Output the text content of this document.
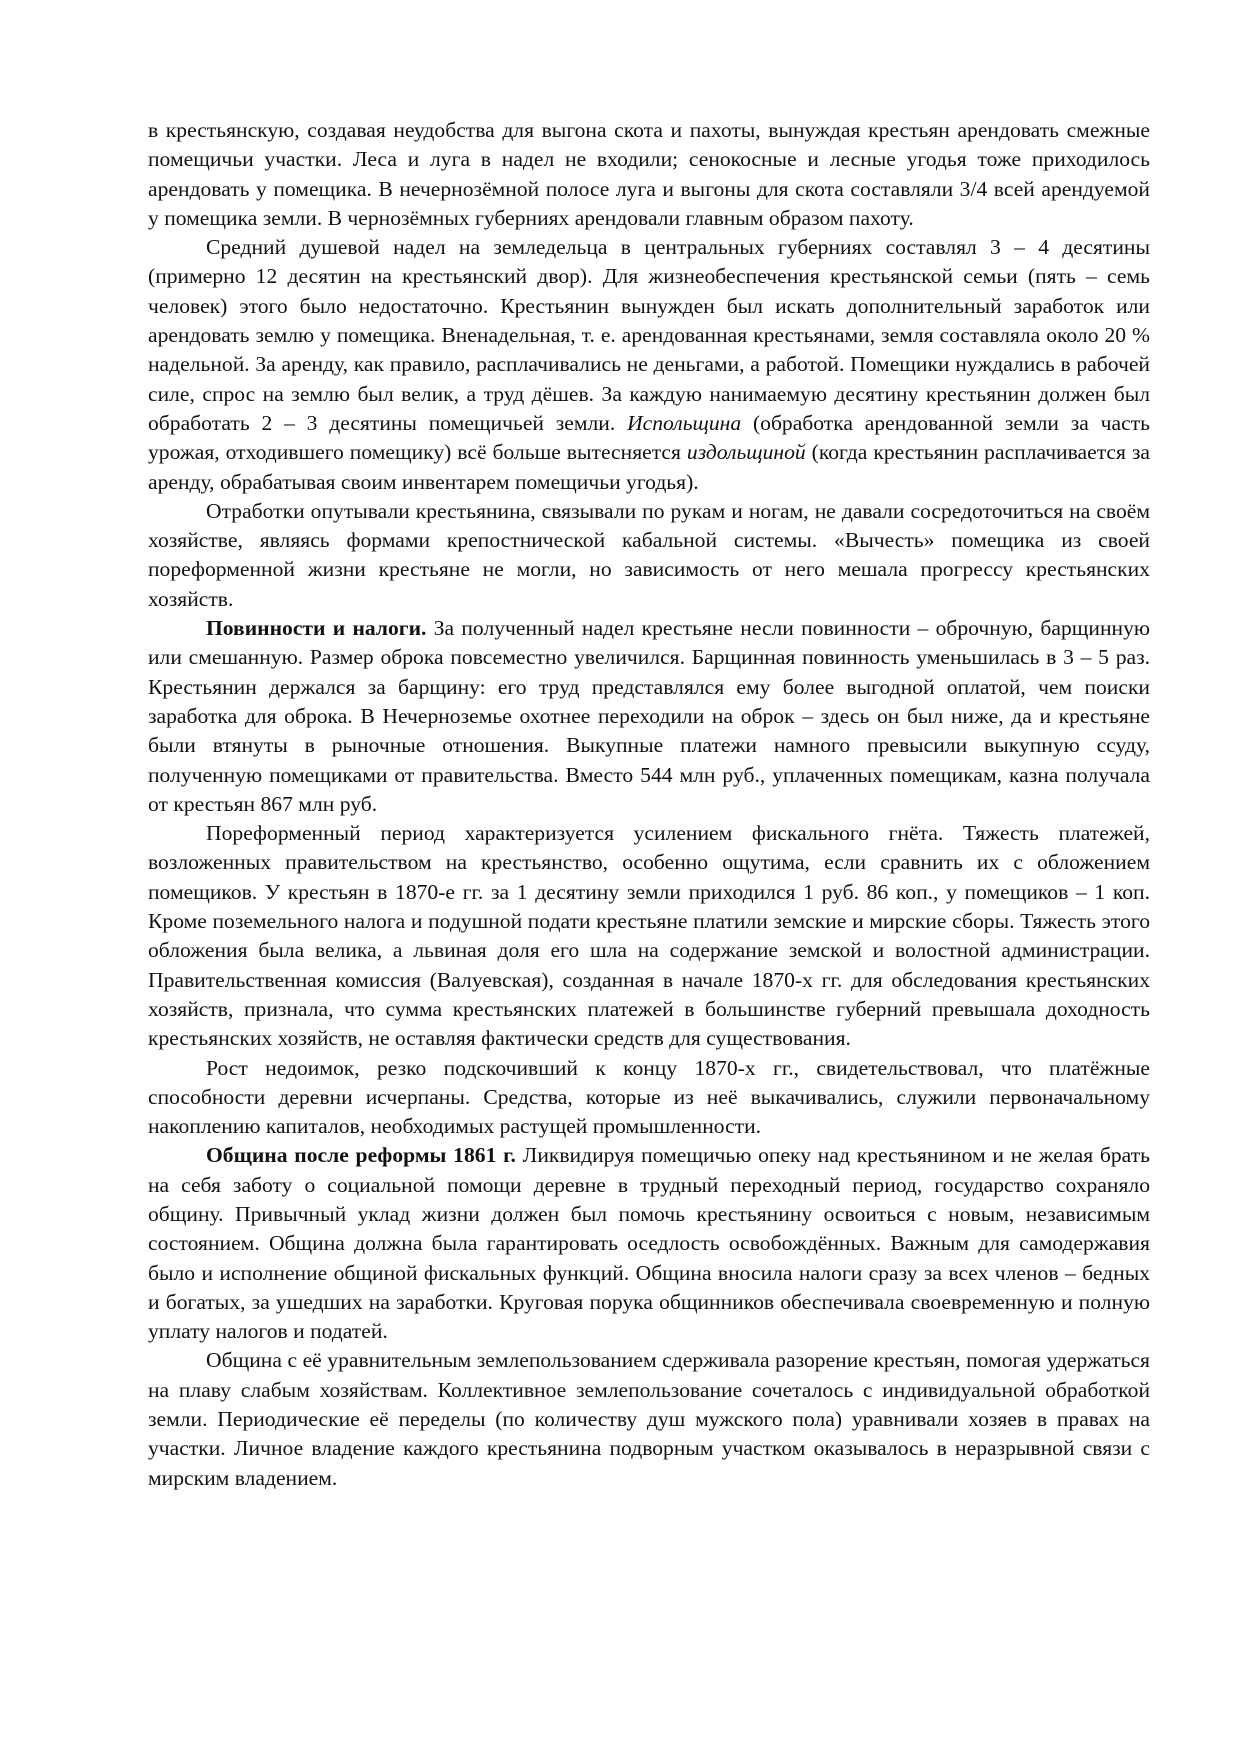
в крестьянскую, создавая неудобства для выгона скота и пахоты, вынуждая крестьян арендовать смежные помещичьи участки. Леса и луга в надел не входили; сенокосные и лесные угодья тоже приходилось арендовать у помещика. В нечернозёмной полосе луга и выгоны для скота составляли 3/4 всей арендуемой у помещика земли. В чернозёмных губерниях арендовали главным образом пахоту.

Средний душевой надел на земледельца в центральных губерниях составлял 3 – 4 десятины (примерно 12 десятин на крестьянский двор). Для жизнеобеспечения крестьянской семьи (пять – семь человек) этого было недостаточно. Крестьянин вынужден был искать дополнительный заработок или арендовать землю у помещика. Вненадельная, т. е. арендованная крестьянами, земля составляла около 20 % надельной. За аренду, как правило, расплачивались не деньгами, а работой. Помещики нуждались в рабочей силе, спрос на землю был велик, а труд дёшев. За каждую нанимаемую десятину крестьянин должен был обработать 2 – 3 десятины помещичьей земли. Испольщина (обработка арендованной земли за часть урожая, отходившего помещику) всё больше вытесняется издольщиной (когда крестьянин расплачивается за аренду, обрабатывая своим инвентарем помещичьи угодья).

Отработки опутывали крестьянина, связывали по рукам и ногам, не давали сосредоточиться на своём хозяйстве, являясь формами крепостнической кабальной системы. «Вычесть» помещика из своей пореформенной жизни крестьяне не могли, но зависимость от него мешала прогрессу крестьянских хозяйств.

Повинности и налоги. За полученный надел крестьяне несли повинности – оброчную, барщинную или смешанную. Размер оброка повсеместно увеличился. Барщинная повинность уменьшилась в 3 – 5 раз. Крестьянин держался за барщину: его труд представлялся ему более выгодной оплатой, чем поиски заработка для оброка. В Нечерноземье охотнее переходили на оброк – здесь он был ниже, да и крестьяне были втянуты в рыночные отношения. Выкупные платежи намного превысили выкупную ссуду, полученную помещиками от правительства. Вместо 544 млн руб., уплаченных помещикам, казна получала от крестьян 867 млн руб.

Пореформенный период характеризуется усилением фискального гнёта. Тяжесть платежей, возложенных правительством на крестьянство, особенно ощутима, если сравнить их с обложением помещиков. У крестьян в 1870-е гг. за 1 десятину земли приходился 1 руб. 86 коп., у помещиков – 1 коп. Кроме поземельного налога и подушной подати крестьяне платили земские и мирские сборы. Тяжесть этого обложения была велика, а львиная доля его шла на содержание земской и волостной администрации. Правительственная комиссия (Валуевская), созданная в начале 1870-х гг. для обследования крестьянских хозяйств, признала, что сумма крестьянских платежей в большинстве губерний превышала доходность крестьянских хозяйств, не оставляя фактически средств для существования.

Рост недоимок, резко подскочивший к концу 1870-х гг., свидетельствовал, что платёжные способности деревни исчерпаны. Средства, которые из неё выкачивались, служили первоначальному накоплению капиталов, необходимых растущей промышленности.

Община после реформы 1861 г. Ликвидируя помещичью опеку над крестьянином и не желая брать на себя заботу о социальной помощи деревне в трудный переходный период, государство сохраняло общину. Привычный уклад жизни должен был помочь крестьянину освоиться с новым, независимым состоянием. Община должна была гарантировать оседлость освобождённых. Важным для самодержавия было и исполнение общиной фискальных функций. Община вносила налоги сразу за всех членов – бедных и богатых, за ушедших на заработки. Круговая порука общинников обеспечивала своевременную и полную уплату налогов и податей.

Община с её уравнительным землепользованием сдерживала разорение крестьян, помогая удержаться на плаву слабым хозяйствам. Коллективное землепользование сочеталось с индивидуальной обработкой земли. Периодические её переделы (по количеству душ мужского пола) уравнивали хозяев в правах на участки. Личное владение каждого крестьянина подворным участком оказывалось в неразрывной связи с мирским владением.
